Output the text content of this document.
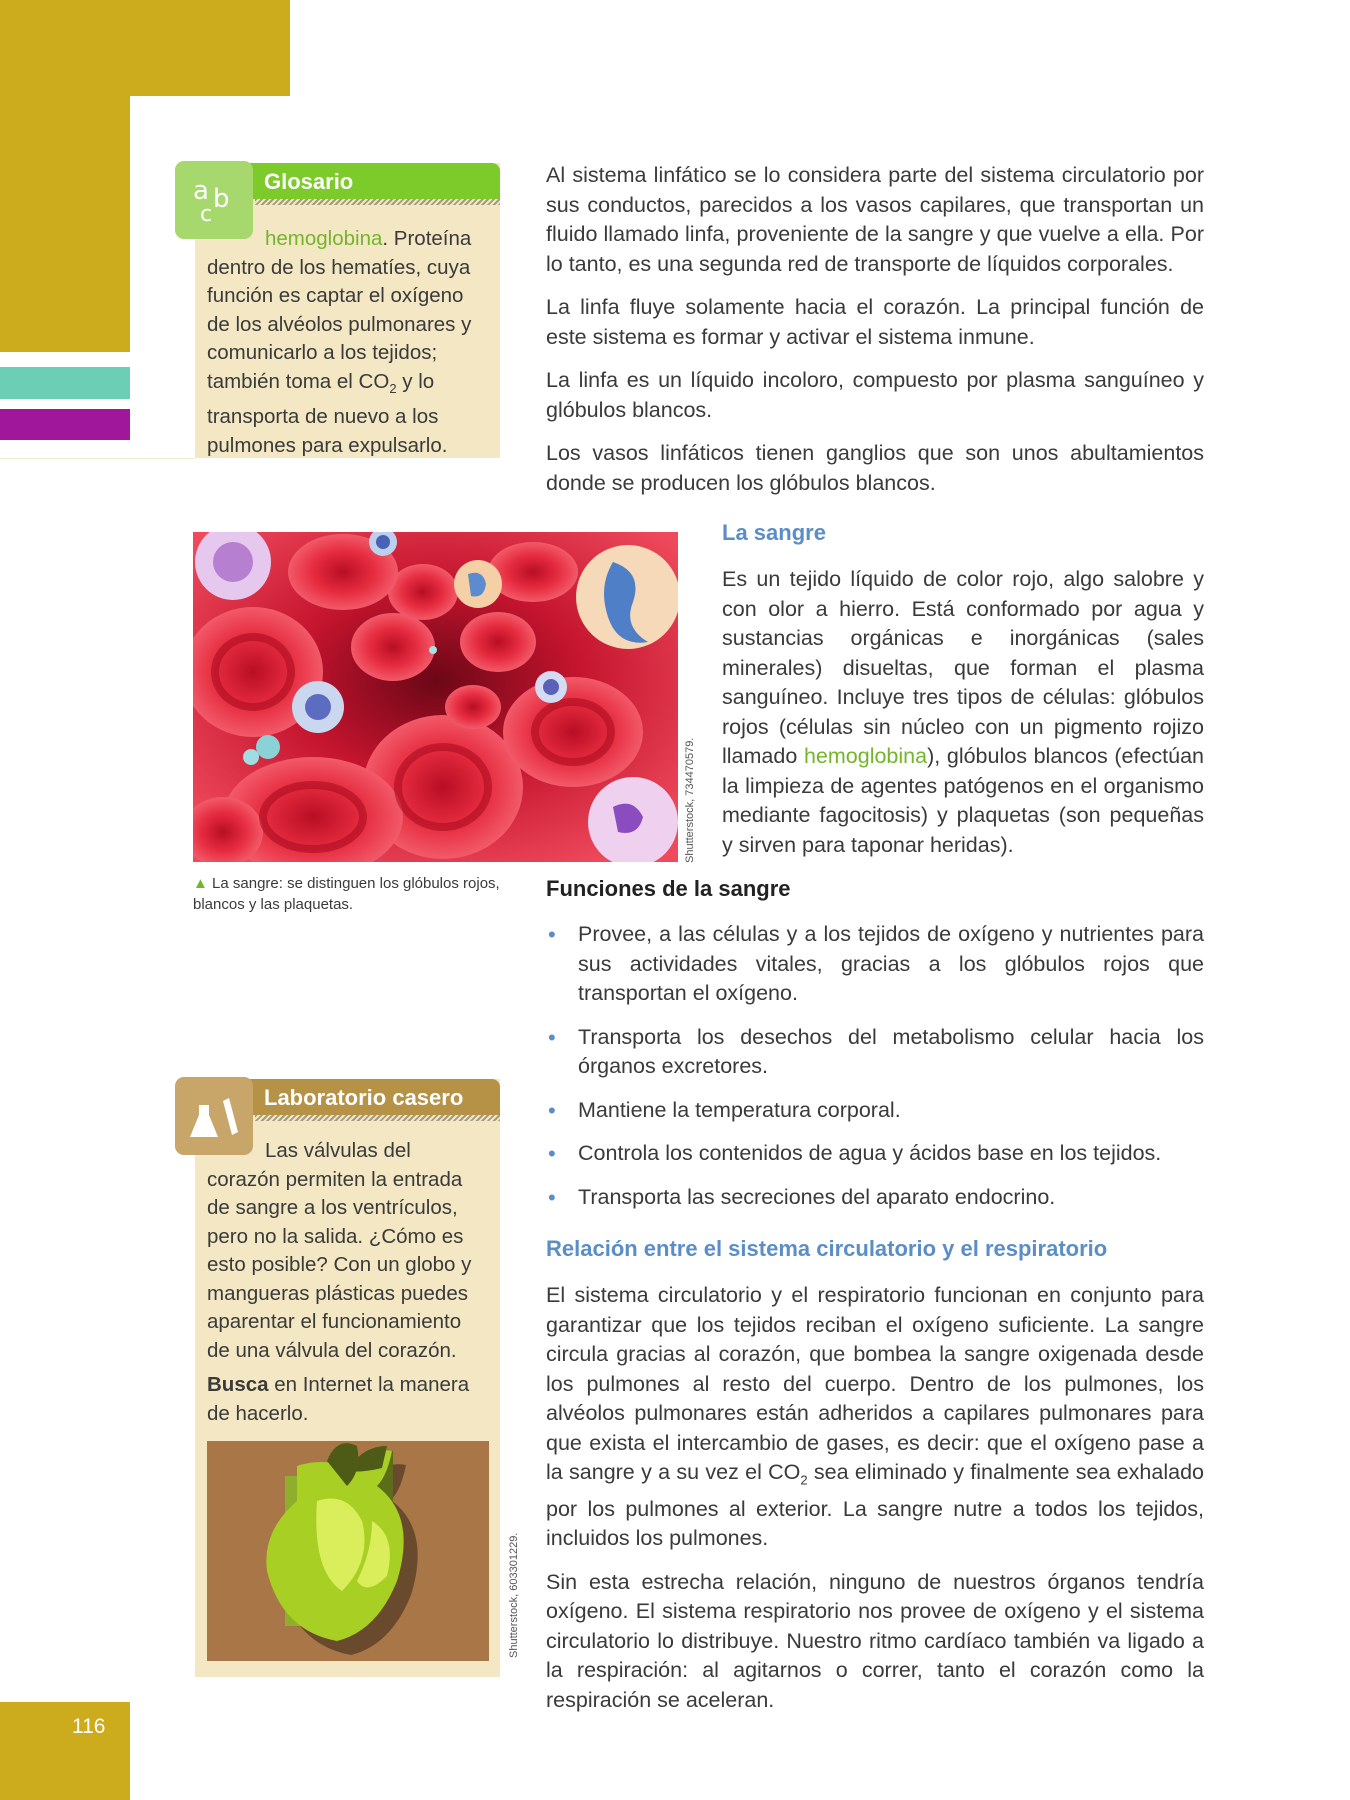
116
Glosario
a b
c
hemoglobina. Proteína dentro de los hematíes, cuya función es captar el oxígeno de los alvéolos pulmonares y comunicarlo a los tejidos; también toma el $CO_2$ y lo transporta de nuevo a los pulmones para expulsarlo.

Al sistema linfático se lo considera parte del sistema circulatorio por sus conductos, parecidos a los vasos capilares, que transportan un fluido llamado linfa, proveniente de la sangre y que vuelve a ella. Por lo tanto, es una segunda red de transporte de líquidos corporales.

La linfa fluye solamente hacia el corazón. La principal función de este sistema es formar y activar el sistema inmune.

La linfa es un líquido incoloro, compuesto por plasma sanguíneo y glóbulos blancos.

Los vasos linfáticos tienen ganglios que son unos abultamientos donde se producen los glóbulos blancos.

Shutterstock, 734470579.
▲ La sangre: se distinguen los glóbulos rojos, blancos y las plaquetas.
La sangre

Es un tejido líquido de color rojo, algo salobre y con olor a hierro. Está conformado por agua y sustancias orgánicas e inorgánicas (sales minerales) disueltas, que forman el plasma sanguíneo. Incluye tres tipos de células: glóbulos rojos (células sin núcleo con un pigmento rojizo llamado hemoglobina), glóbulos blancos (efectúan la limpieza de agentes patógenos en el organismo mediante fagocitosis) y plaquetas (son pequeñas y sirven para taponar heridas).

Funciones de la sangre
• Provee, a las células y a los tejidos de oxígeno y nutrientes para sus actividades vitales, gracias a los glóbulos rojos que transportan el oxígeno.
• Transporta los desechos del metabolismo celular hacia los órganos excretores.
• Mantiene la temperatura corporal.
• Controla los contenidos de agua y ácidos base en los tejidos.
• Transporta las secreciones del aparato endocrino.
Relación entre el sistema circulatorio y el respiratorio

El sistema circulatorio y el respiratorio funcionan en conjunto para garantizar que los tejidos reciban el oxígeno suficiente. La sangre circula gracias al corazón, que bombea la sangre oxigenada desde los pulmones al resto del cuerpo. Dentro de los pulmones, los alvéolos pulmonares están adheridos a capilares pulmonares para que exista el intercambio de gases, es decir: que el oxígeno pase a la sangre y a su vez el $CO_2$ sea eliminado y finalmente sea exhalado por los pulmones al exterior. La sangre nutre a todos los tejidos, incluidos los pulmones.

Sin esta estrecha relación, ninguno de nuestros órganos tendría oxígeno. El sistema respiratorio nos provee de oxígeno y el sistema circulatorio lo distribuye. Nuestro ritmo cardíaco también va ligado a la respiración: al agitarnos o correr, tanto el corazón como la respiración se aceleran.

Laboratorio casero

Las válvulas del corazón permiten la entrada de sangre a los ventrículos, pero no la salida. ¿Cómo es esto posible? Con un globo y mangueras plásticas puedes aparentar el funcionamiento de una válvula del corazón.

Busca en Internet la manera de hacerlo.

Shutterstock, 603301229.
